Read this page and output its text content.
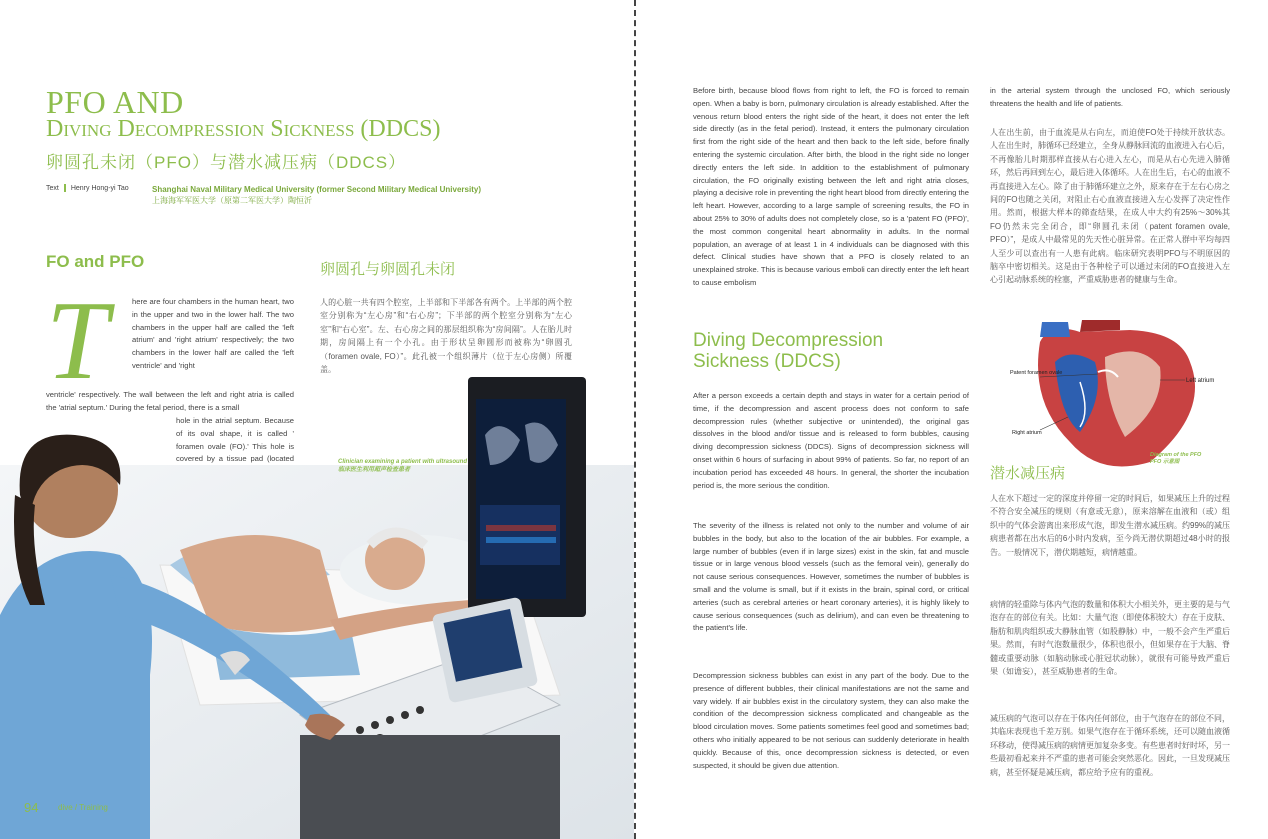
PFO AND
Diving Decompression Sickness (DDCS)
卵圆孔未闭（PFO）与潜水减压病（DDCS）
Text Henry Hong-yi Tao	Shanghai Naval Military Medical University (former Second Military Medical University)
上海海军军医大学（原第二军医大学）陶恒沂
FO and PFO	卵圆孔与卵圆孔未闭
T	here are four chambers in the human heart, two in the upper and two in the lower half. The two chambers in the upper half are called the 'left atrium' and 'right atrium' respectively; the two chambers in the lower half are called the 'left ventricle' and 'right
ventricle' respectively. The wall between the left and right atria is called the 'atrial septum.' During the fetal period, there is a small
hole in the atrial septum. Because of its oval shape, it is called ' foramen ovale (FO).' This hole is covered by a tissue pad (located
人的心脏一共有四个腔室，上半部和下半部各有两个。上半部的两个腔室分别称为“左心房”和“右心房”；下半部的两个腔室分别称为“左心室”和“右心室”。左、右心房之间的那层组织称为“房间隔”。人在胎儿时期，房间隔上有一个小孔。由于形状呈卵圆形而被称为“卵圆孔（foramen ovale, FO）”。此孔被一个组织薄片（位于左心房侧）所覆盖。
Clinician examining a patient with ultrasound
临床医生利用超声检查患者
94 dive / Training
Before birth, because blood flows from right to left, the FO is forced to remain open. When a baby is born, pulmonary circulation is already established. After the venous return blood enters the right side of the heart, it does not enter the left side directly (as in the fetal period). Instead, it enters the pulmonary circulation first from the right side of the heart and then back to the left side, before finally entering the systemic circulation. After birth, the blood in the right side no longer directly enters the left side. In addition to the establishment of pulmonary circulation, the FO originally existing between the left and right atria closes, playing a decisive role in preventing the right heart blood from directly entering the left heart. However, according to a large sample of screening results, the FO in about 25% to 30% of adults does not completely close, so is a 'patent FO (PFO)', the most common congenital heart abnormality in adults. In the normal population, an average of at least 1 in 4 individuals can be diagnosed with this defect. Clinical studies have shown that a PFO is closely related to an unexplained stroke. This is because various emboli can directly enter the left heart to cause embolism
Diving Decompression Sickness (DDCS)
After a person exceeds a certain depth and stays in water for a certain period of time, if the decompression and ascent process does not conform to safe decompression rules (whether subjective or unintended), the original gas dissolves in the blood and/or tissue and is released to form bubbles, causing diving decompression sickness (DDCS). Signs of decompression sickness will onset within 6 hours of surfacing in about 99% of patients. So far, no report of an incubation period has exceeded 48 hours. In general, the shorter the incubation period is, the more serious the condition.
The severity of the illness is related not only to the number and volume of air bubbles in the body, but also to the location of the air bubbles. For example, a large number of bubbles (even if in large sizes) exist in the skin, fat and muscle tissue or in large venous blood vessels (such as the femoral vein), generally do not cause serious consequences. However, sometimes the number of bubbles is small and the volume is small, but if it exists in the brain, spinal cord, or critical arteries (such as cerebral arteries or heart coronary arteries), it is highly likely to cause serious consequences (such as delirium), and can even be threatening to the patient's life.
Decompression sickness bubbles can exist in any part of the body. Due to the presence of different bubbles, their clinical manifestations are not the same and vary widely. If air bubbles exist in the circulatory system, they can also make the condition of the decompression sickness complicated and changeable as the blood circulation moves. Some patients sometimes feel good and sometimes bad; others who initially appeared to be not serious can suddenly deteriorate in health quickly. Because of this, once decompression sickness is detected, or even suspected, it should be given due attention.
in the arterial system through the unclosed FO, which seriously threatens the health and life of patients.
人在出生前，由于血流是从右向左，而迫使FO处于持续开放状态。人在出生时，肺循环已经建立，全身从静脉回流的血液进入右心后，不再像胎儿时期那样直接从右心进入左心，而是从右心先进入肺循环，然后再回到左心，最后进入体循环。人在出生后，右心的血液不再直接进入左心。除了由于肺循环建立之外，原来存在于左右心房之间的FO也随之关闭，对阻止右心血液直接进入左心发挥了决定性作用。然而，根据大样本的筛查结果，在成人中大约有25%～30%其FO仍然未完全闭合，即“卵圆孔未闭（patent foramen ovale, PFO）”，是成人中最常见的先天性心脏异常。在正常人群中平均每四人至少可以查出有一人患有此病。临床研究表明PFO与不明原因的脑卒中密切相关。这是由于各种栓子可以通过未闭的FO直接进入左心引起动脉系统的栓塞，严重威胁患者的健康与生命。
潜水减压病
人在水下超过一定的深度并停留一定的时间后，如果减压上升的过程不符合安全减压的规则（有意或无意），原来溶解在血液和（或）组织中的气体会游离出来形成气泡，即发生潜水减压病。约99%的减压病患者都在出水后的6小时内发病，至今尚无潜伏期超过48小时的报告。一般情况下，潜伏期越短，病情越重。
病情的轻重除与体内气泡的数量和体积大小相关外，更主要的是与气泡存在的部位有关。比如：大量气泡（即使体积较大）存在于皮肤、脂肪和肌肉组织或大静脉血管（如股静脉）中，一般不会产生严重后果。然而，有时气泡数量很少，体积也很小，但如果存在于大脑、脊髓或重要动脉（如脑动脉或心脏冠状动脉），就很有可能导致严重后果（如谵妄），甚至威胁患者的生命。
减压病的气泡可以存在于体内任何部位，由于气泡存在的部位不同，其临床表现也千差万别。如果气泡存在于循环系统，还可以随血液循环移动，使得减压病的病情更加复杂多变。有些患者时好时坏，另一些最初看起来并不严重的患者可能会突然恶化。因此，一旦发现减压病，甚至怀疑是减压病，都应给予应有的重视。
Left atrium
Patent foramen ovale
Right atrium
Diagram of the PFO
PFO 示意图
